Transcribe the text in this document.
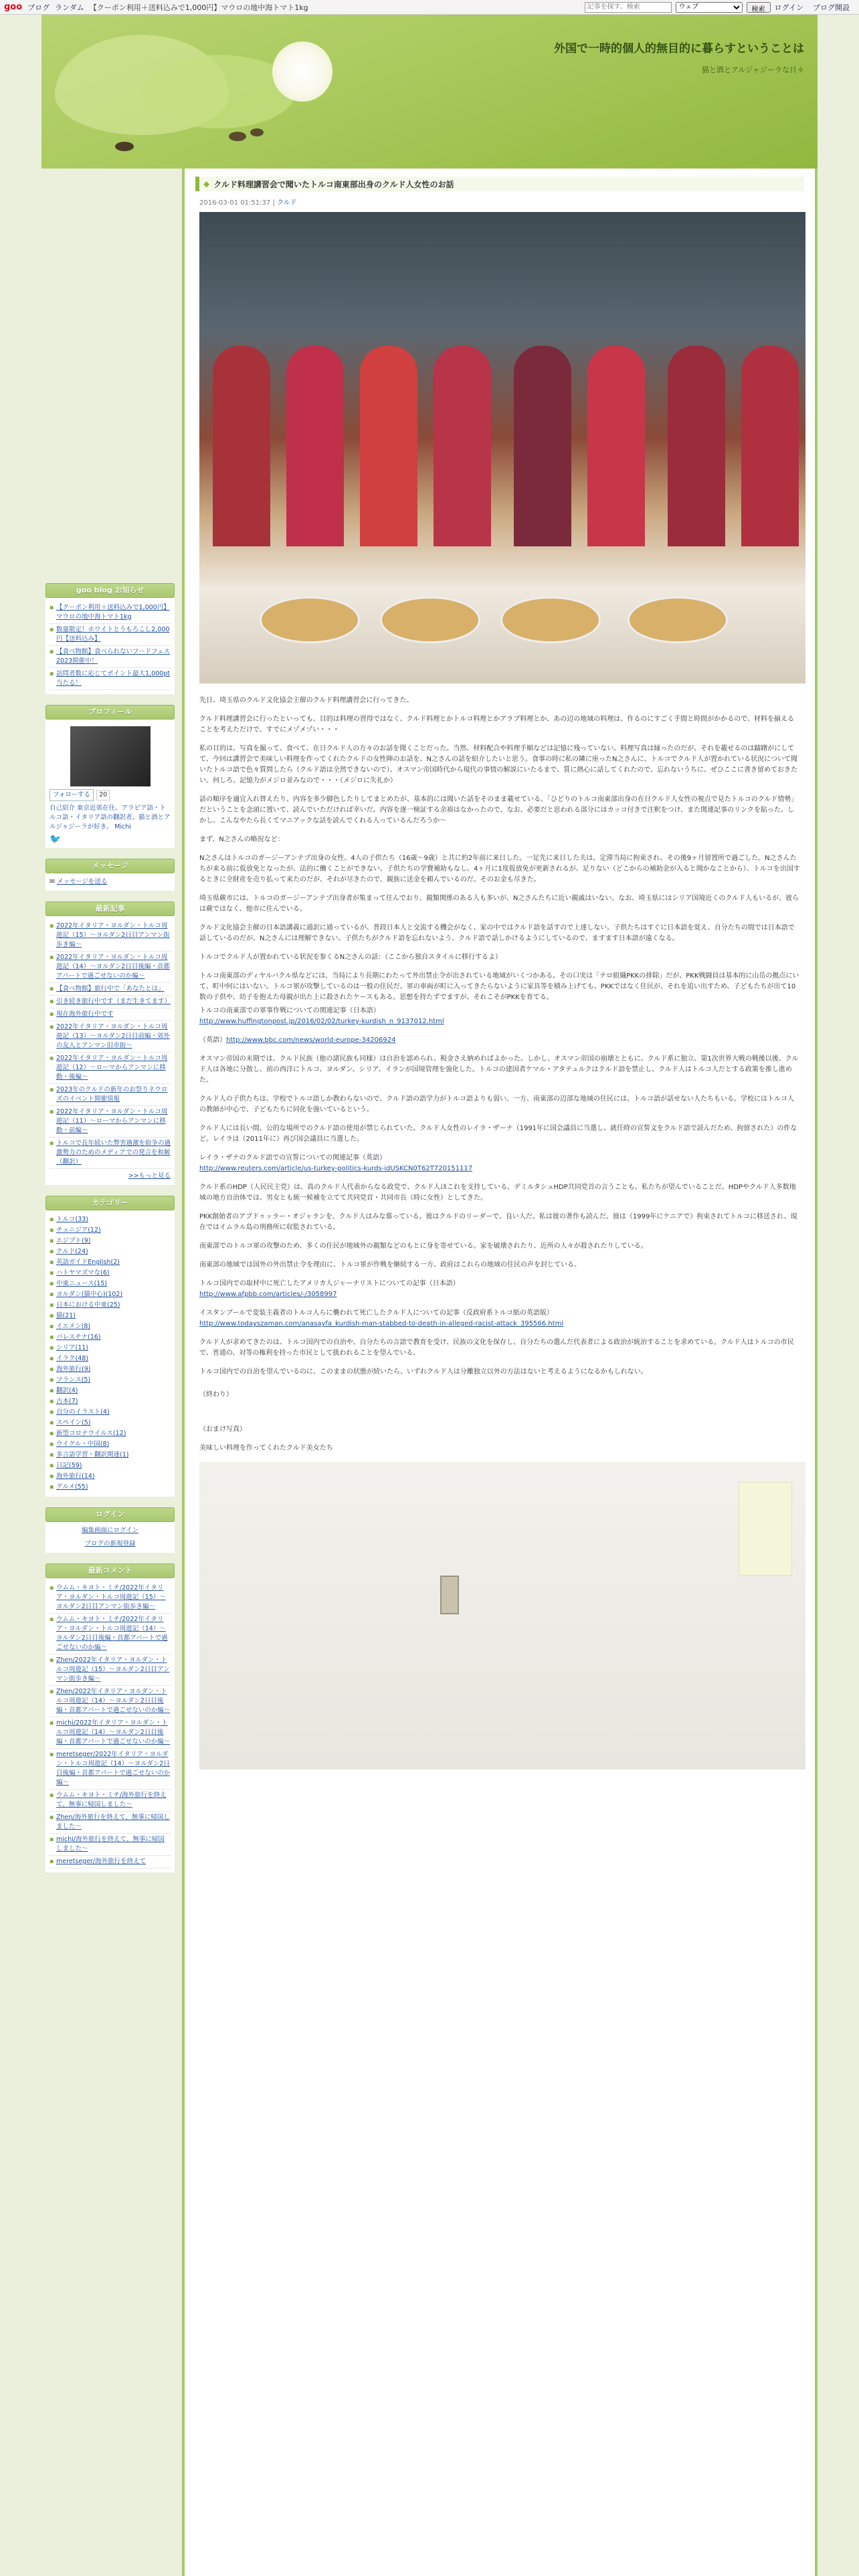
goo ブログ ランダム 【クーポン利用＋送料込みで1,000円】マウロの地中海トマト1kg
記事を探す、検索
ウェブ	検索	ログイン ブログ開設
外国で一時的個人的無目的に暮らすということは
猫と酒とアルジャジーラな日々
goo blog お知らせ
▪ 【クーポン利用＋送料込みで1,000円】マウロの地中海トマト1kg
▪ 数量限定！ホワイトとうもろこし2,000円【送料込み】
▪ 【食べ物館】食べられないフードフェス2023開催中！
▪ 訪問者数に応じてポイント最大1,000pt当たる！
プロフィール
フォローする	20
自己紹介 東京近郊在住。アラビア語・トルコ語・イタリア語の翻訳者。猫と酒とアルジャジーラが好き。 Michi
🐦
メッセージ
✉ メッセージを送る
最新記事
▪ 2022年イタリア・ヨルダン・トルコ周遊記（15）～ヨルダン2日目アンマン街歩き編～
▪ 2022年イタリア・ヨルダン・トルコ周遊記（14）～ヨルダン2日目後編・首都アパートで過ごせないのか編～
▪ 【食べ物館】旅行中で「あなたとは」
▪ 引き続き旅行中です（まだ生きてます）
▪ 現在海外旅行中です
▪ 2022年イタリア・ヨルダン・トルコ周遊記（13）～ヨルダン2日目前編・郊外の友人とアンマン旧市街～
▪ 2022年イタリア・ヨルダン・トルコ周遊記（12）～ローマからアンマンに移動・後編～
▪ 2023年のクルドの新年のお祭りネウロズのイベント開催情報
▪ 2022年イタリア・ヨルダン・トルコ周遊記（11）～ローマからアンマンに移動・前編～
▪ トルコで長年続いた弊害過激を紛争の過激勢力のためのメディアでの発言を和解（翻訳）
>>もっと見る
カテゴリー
▪ トルコ(33)
▪ チュニジア(12)
▪ エジプト(9)
▪ クルド(24)
▪ 英語ガイドEnglish(2)
▪ ハトヤマズマな(6)
▪ 中東ニュース(15)
▪ ヨルダン(猫中心)(102)
▪ 日本における中東(25)
▪ 猫(21)
▪ イエメン(8)
▪ パレスチナ(16)
▪ シリア(11)
▪ イラク(48)
▪ 海外旅行(9)
▪ フランス(5)
▪ 翻訳(4)
▪ 古本(7)
▪ 自分のイラスト(4)
▪ スペイン(5)
▪ 新型コロナウイルス(12)
▪ ウイグル・中国(8)
▪ 多言語学習・翻訳関連(1)
▪ 日記(59)
▪ 海外旅行(14)
▪ グルメ(55)
ログイン
編集画面にログイン
ブログの新規登録
最新コメント
▪ ウムム・キヨト・ミチ/2022年イタリア・ヨルダン・トルコ周遊記（15）～ヨルダン2日目アンマン街歩き編～
▪ ウムム・キヨト・ミチ/2022年イタリア・ヨルダン・トルコ周遊記（14）～ヨルダン2日目後編・首都アパートで過ごせないのか編～
▪ Zhen/2022年イタリア・ヨルダン・トルコ周遊記（15）～ヨルダン2日目アンマン街歩き編～
▪ Zhen/2022年イタリア・ヨルダン・トルコ周遊記（14）～ヨルダン2日目後編・首都アパートで過ごせないのか編～
▪ michi/2022年イタリア・ヨルダン・トルコ周遊記（14）～ヨルダン2日目後編・首都アパートで過ごせないのか編～
▪ meretseger/2022年イタリア・ヨルダン・トルコ周遊記（14）～ヨルダン2日目後編・首都アパートで過ごせないのか編～
▪ ウムム・キヨト・ミチ/海外旅行を終えて、無事に帰国しました～
▪ Zhen/海外旅行を終えて、無事に帰国しました～
▪ michi/海外旅行を終えて、無事に帰国しました～
▪ meretseger/海外旅行を終えて
◆ クルド料理講習会で聞いたトルコ南東部出身のクルド人女性のお話
2016-03-01 01:51:37 | クルド

先日、埼玉県のクルド文化協会主催のクルド料理講習会に行ってきた。

クルド料理講習会に行ったといっても、目的は料理の習得ではなく、クルド料理とかトルコ料理とかアラブ料理とか、あの辺の地域の料理は、作るのにすごく手間と時間がかかるので、材料を揃えることを考えただけで、すでにメゾメゾい・・・

私の目的は、写真を撮って、食べて、在日クルド人の方々のお話を聞くことだった。当然、材料配合や料理手順などは記憶に残っていない。料理写真は縁ったのだが、それを載せるのは躊躇がにしてて、今回は講習会で美味しい料理を作ってくれたクルドの女性陣のお話を、N之さんの話を紹介したいと思う。食事の時に私の隣に座ったN之さんに、トルコでクルド人が置かれている状況について聞いたトルコ語で色々質問したら（クルド語は全然できないので）、オスマン帝国時代から現代の事情の解説にいたるまで、質に熱心に話してくれたので、忘れないうちに、ぜひここに書き留めておきたい。何しろ、記憶力がメジロ並みなので・・・（メジロに失礼か）

話の順序を適宜入れ替えたり、内容を多少脚色したりしてまとめたが、基本的には聞いた話をそのまま載せている。「ひどりのトルコ南東部出身の在日クルド人女性の視点で見たトルコのクルド情勢」だということを念頭に置いて、読んでいただければ幸いだ。内容を逐一検証する余裕はなかったので、なお、必要だと思われる部分にはカッコ付きで注釈をつけ、また関連記事のリンクを貼った。しかし、こんなやたら長くてマニアックな話を読んでくれる人っているんだろうか～

まず、N之さんの略況など：

N之さんはトルコのガージーアンテプ出身の女性。4人の子供たち（16歳～9歳）と共に約2年前に来日した。一足先に来日した夫は、定滞当局に拘束され、その後9ヶ月留置所で過ごした。N之さんたちが来る前に仮放免となったが、法的に働くことができない。子供たちの学費補助もなし。4ヶ月に1度仮放免が更新されるが、足りない（どこからの補助金が入ると聞かなことから）、トルコを出国するときに全財産を売り払って来たのだが、それが尽きたので、親族に送金を頼んでいるのだ。そのお金も尽きた。

埼玉県蕨市には、トルコのガージーアンテプ出身者が集まって住んでおり、親類関係のある人も多いが、N之さんたちに近い親戚はいない。なお、埼玉県にはシリア国境近くのクルド人もいるが、彼らは蕨ではなく、他市に住んでいる。

クルド文化協会主催の日本語講義に通訳に通っているが、普段日本人と交流する機会がなく、家の中ではクルド語を話すので上達しない。子供たちはすぐに日本語を覚え、自分たちの間では日本語で話しているのだが、N之さんには理解できない。子供たちがクルド語を忘れないよう、クルド語で話しかけるようにしているので、ますます日本語が遠くなる。

トルコでクルド人が置かれている状況を参くるN之さんの話：（ここから独自スタイルに移行するよ）

トルコ南東部のディヤルバクル県などには、当局により長期にわたって外出禁止令が出されている地域がいくつかある。その口実は「テロ組織PKKの排除」だが、PKK戦闘員は基本的に山岳の拠点にいて、町中何にはいない。トルコ軍が攻撃しているのは一般の住民だ。軍の車両が町に入ってきたらないように家具等を積み上げても、PKKではなく住民が、それを追い出すため、子どもたちが出て10数の子供や、幼子を抱えた母親が出た上に殺されたケースもある。思想を持たずでますが、それこそがPKKを育てる。

トルコの南東部での軍事作戦についての関連記事（日本語）
http://www.huffingtonpost.jp/2016/02/02/turkey-kurdish_n_9137012.html

（英語）http://www.bbc.com/news/world-europe-34206924

オスマン帝国の末期では、クルド民族（他の諸民族も同様）は自治を認められ、税金さえ納めればよかった。しかし、オスマン帝国の崩壊とともに、クルド系に独立、第1次世界大戦の戦後以後、クルド人は各地に分散し、前の西洋にトルコ、ヨルダン、シリア、イランが国境管理を強化した。トルコの建国者ケマル・アタテュルクはクルド語を禁止し、クルド人はトルコ人だとする政策を推し進めた。

クルド人の子供たちは、学校でトルコ語しか教わらないので、クルド語の語学力がトルコ語よりも弱い。一方、南東部の辺部な地域の住民には、トルコ語が話せない人たちもいる。学校にはトルコ人の教師が中心で、子どもたちに同化を強いているという。

クルド人には長い間、公的な場所でのクルド語の使用が禁じられていた。クルド人女性のレイラ・ザーナ（1991年に国会議員に当選し、就任時の宣誓文をクルド語で読んだため、拘留された）の件など。レイラは（2011年に）再び国会議員に当選した。

レイラ・ザナのクルド語での宣誓についての関連記事（英語）
http://www.reuters.com/article/us-turkey-politics-kurds-idUSKCN0T62T720151117

クルド系のHDP（人民民主党）は、真のクルド人代表からなる政党で、クルド人ほこれを支持している。デミルタシュHDP共同党首の言うことも、私たちが望んでいることだ。HDPやクルド人多数地域の地方自治体では、男女とも統一候補を立てて共同党首・共同市長（時に女性）としてきた。

PKK創始者のアブドゥッラー・オジャランを、クルド人はみな慕っている。彼はクルドのリーダーで、良い人だ。私は彼の著作も読んだ。彼は（1999年にケニアで）拘束されてトルコに移送され、現在ではイムラル島の刑務所に収監されている。

南東部でのトルコ軍の攻撃のため、多くの住民が地域外の親類などのもとに身を寄せている。家を破壊されたり、近所の人々が殺されたりしている。

南東部の地域では国外の外出禁止令を理由に、トルコ軍が作戦を継続する一方、政府はこれらの地域の住民の声を封じている。

トルコ国内での取材中に死亡したアメリカ人ジャーナリストについての記事（日本語）
http://www.afpbb.com/articles/-/3058997

イスタンブールで変装主義者のトルコ人らに襲われて死亡したクルド人についての記事（反政府系トルコ紙の英語版）
http://www.todayszaman.com/anasayfa_kurdish-man-stabbed-to-death-in-alleged-racist-attack_395566.html

クルド人が求めてきたのは、トルコ国内での自治や、自分たちの言語で教育を受け、民族の文化を保存し、自分たちの選んだ代表者による政治が統治することを求めている。クルド人はトルコの市民で、普通の、対等の権利を持った市民として扱われることを望んでいる。

トルコ国内での自治を望んでいるのに、このままの状態が続いたら、いずれクルド人は分離独立以外の方法はないと考えるようになるかもしれない。

（終わり）

（おまけ写真）

美味しい料理を作ってくれたクルド美女たち
